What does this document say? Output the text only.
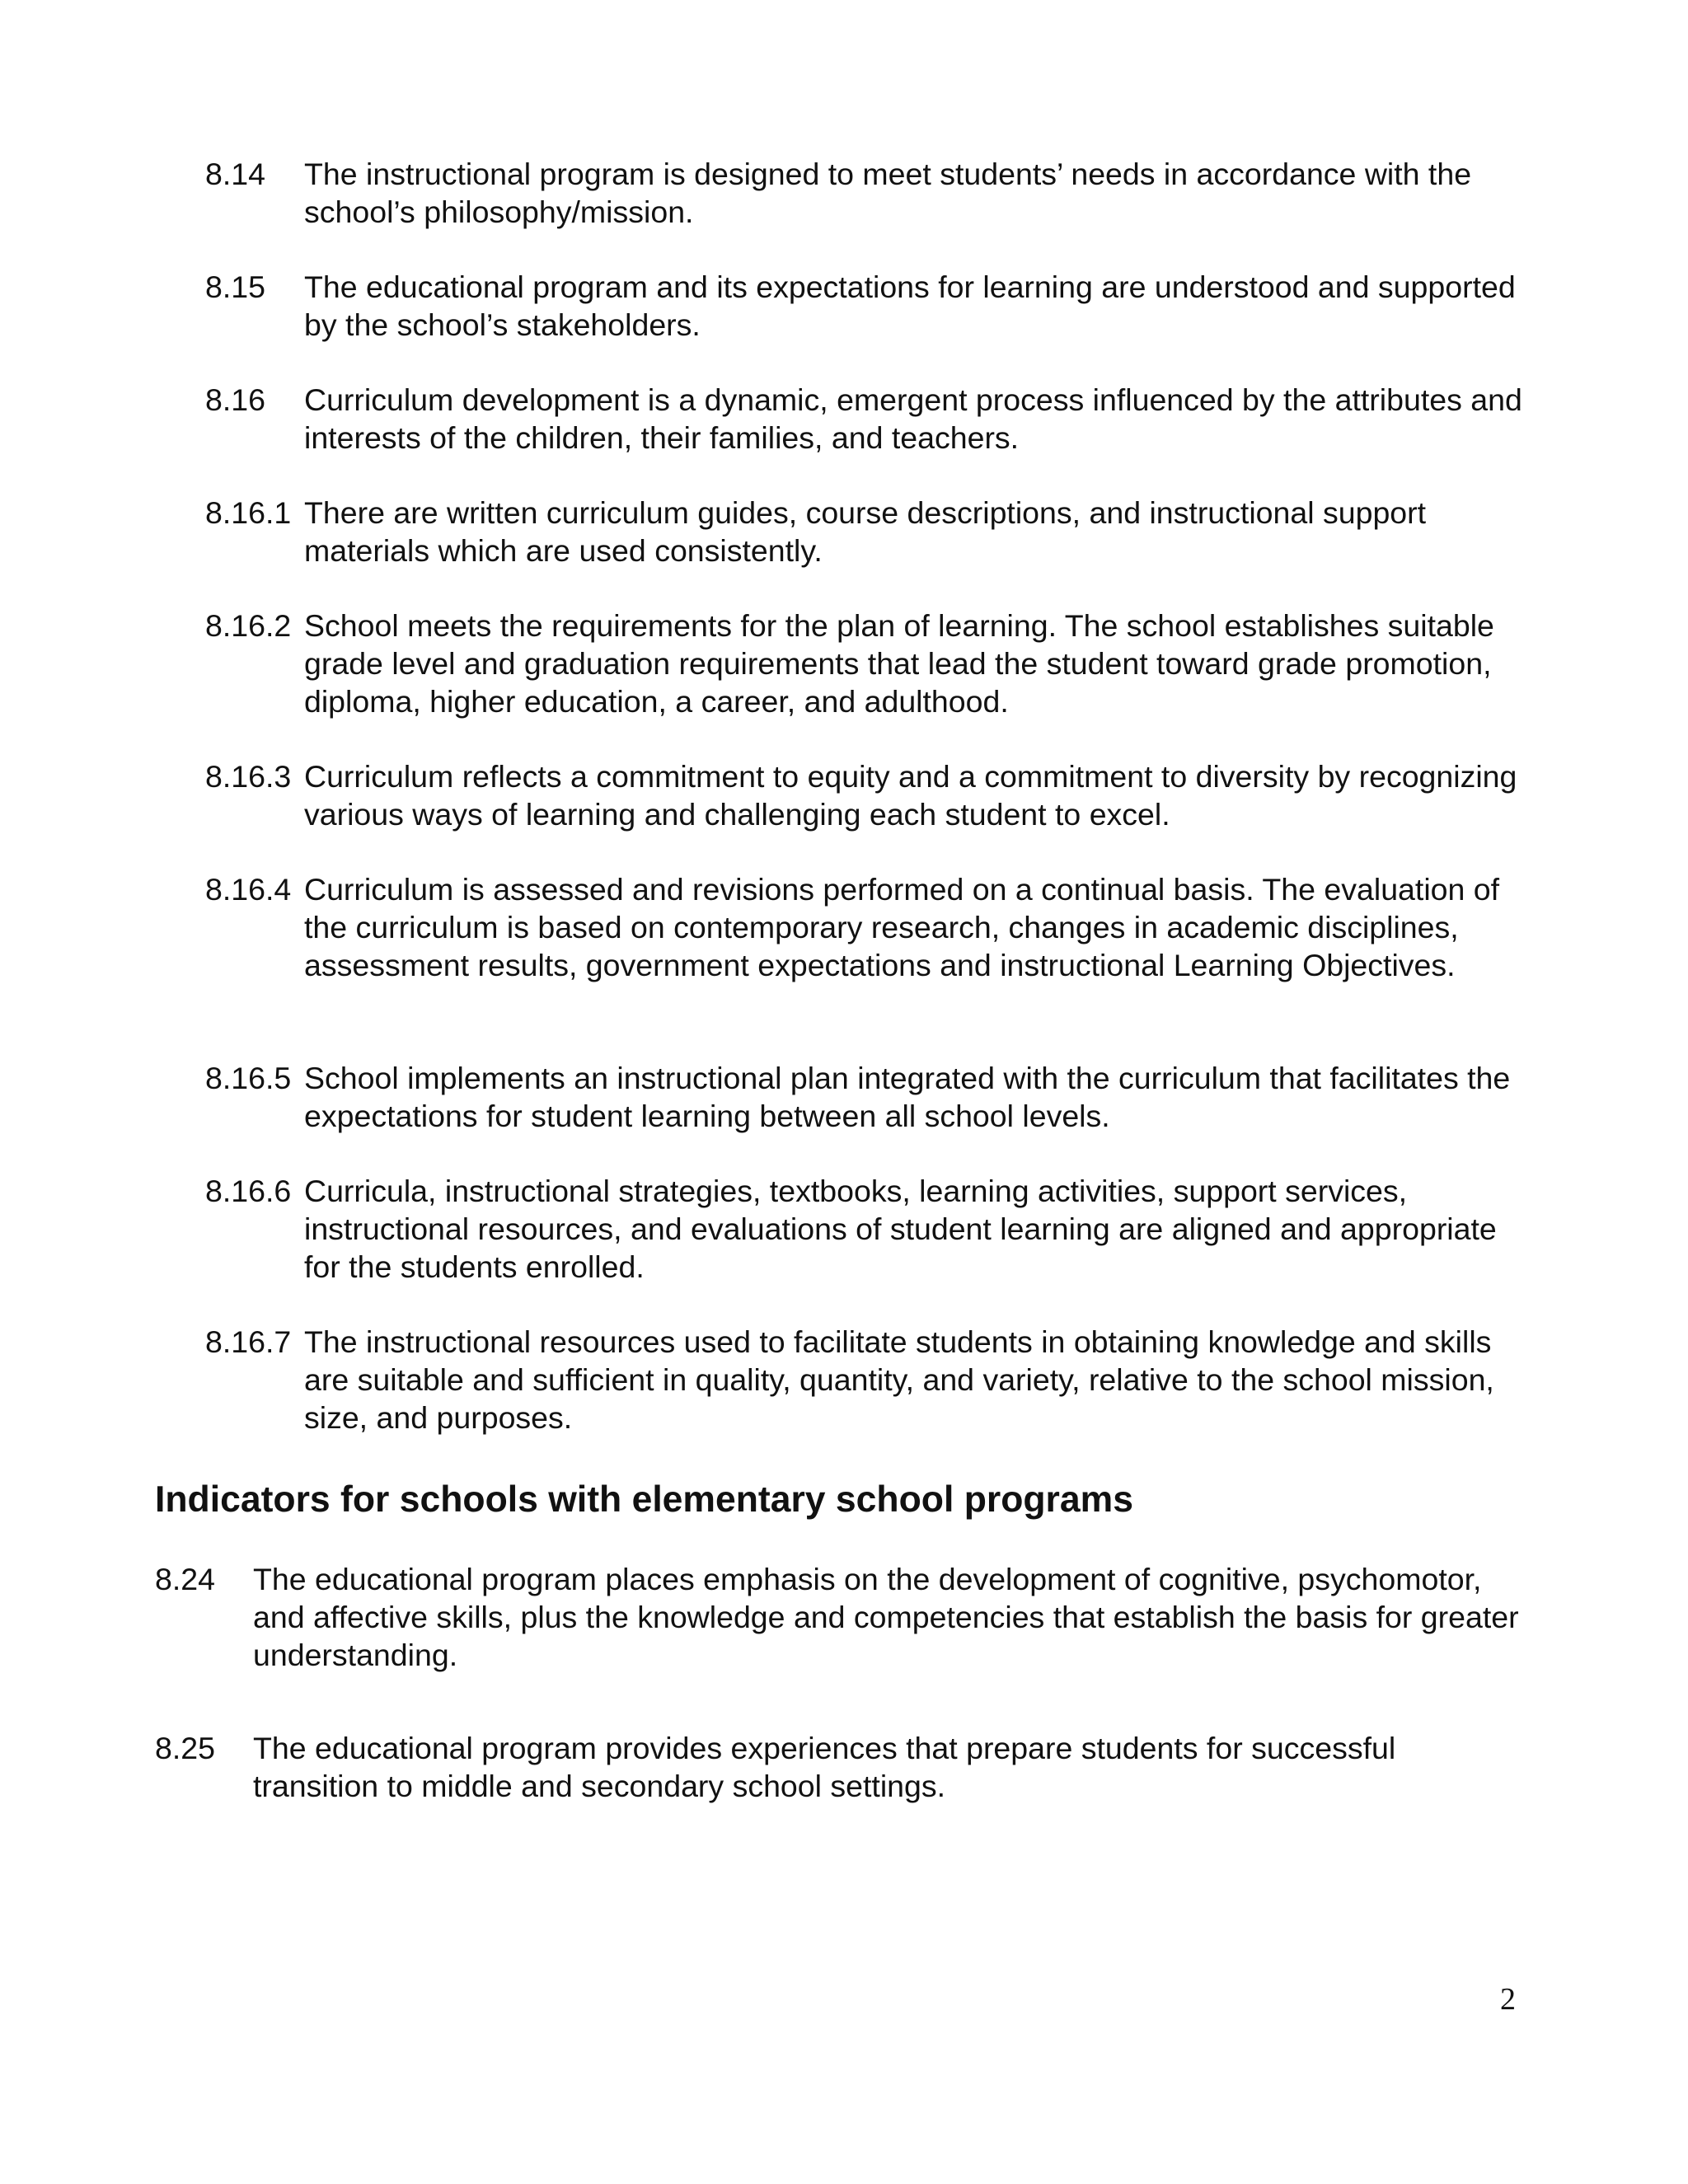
8.14 The instructional program is designed to meet students’ needs in accordance with the school’s philosophy/mission.
8.15 The educational program and its expectations for learning are understood and supported by the school’s stakeholders.
8.16 Curriculum development is a dynamic, emergent process influenced by the attributes and interests of the children, their families, and teachers.
8.16.1 There are written curriculum guides, course descriptions, and instructional support materials which are used consistently.
8.16.2 School meets the requirements for the plan of learning. The school establishes suitable grade level and graduation requirements that lead the student toward grade promotion, diploma, higher education, a career, and adulthood.
8.16.3 Curriculum reflects a commitment to equity and a commitment to diversity by recognizing various ways of learning and challenging each student to excel.
8.16.4 Curriculum is assessed and revisions performed on a continual basis. The evaluation of the curriculum is based on contemporary research, changes in academic disciplines, assessment results, government expectations and instructional Learning Objectives.
8.16.5 School implements an instructional plan integrated with the curriculum that facilitates the expectations for student learning between all school levels.
8.16.6 Curricula, instructional strategies, textbooks, learning activities, support services, instructional resources, and evaluations of student learning are aligned and appropriate for the students enrolled.
8.16.7 The instructional resources used to facilitate students in obtaining knowledge and skills are suitable and sufficient in quality, quantity, and variety, relative to the school mission, size, and purposes.
Indicators for schools with elementary school programs
8.24 The educational program places emphasis on the development of cognitive, psychomotor, and affective skills, plus the knowledge and competencies that establish the basis for greater understanding.
8.25 The educational program provides experiences that prepare students for successful transition to middle and secondary school settings.
2
